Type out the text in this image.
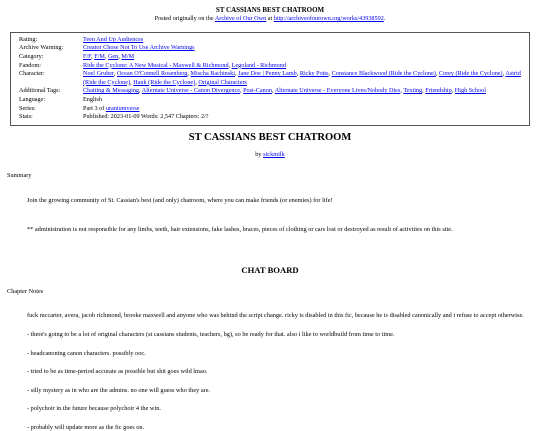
ST CASSIANS BEST CHATROOM
Posted originally on the Archive of Our Own at http://archiveofourown.org/works/43938592.
Rating:	Teen And Up Audiences
Archive Warning:	Creator Chose Not To Use Archive Warnings
Category:	F/F, F/M, Gen, M/M
Fandom:	Ride the Cyclone: A New Musical - Maxwell & Richmond, Legoland - Richmond
Character:	Noel Gruber, Ocean O'Connell Rosenberg, Mischa Bachinski, Jane Doe | Penny Lamb, Ricky Potts, Constance Blackwood (Ride the Cyclone), Corey (Ride the Cyclone), Astrid (Ride the Cyclone), Hank (Ride the Cyclone), Original Characters
Additional Tags:	Chatting & Messaging, Alternate Universe - Canon Divergence, Post-Canon, Alternate Universe - Everyone Lives/Nobody Dies, Texting, Friendship, High School
Language:	English
Series:	Part 3 of uraniumverse
Stats:	Published: 2023-01-09 Words: 2,547 Chapters: 2/?
ST CASSIANS BEST CHATROOM
by sickmilk
Summary
Join the growing community of St. Cassian's best (and only) chatroom, where you can make friends (or enemies) for life!
** administration is not responsible for any limbs, teeth, hair extensions, fake lashes, braces, pieces of clothing or cars lost or destroyed as result of activities on this site.
CHAT BOARD
Chapter Notes
fuck mccarter, avera, jacob richmond, brooke maxwell and anyone who was behind the script change. ricky is disabled in this fic, because he is disabled canonically and i refuse to accept otherwise.
- there's going to be a lot of original characters (st cassians students, teachers, bg), so be ready for that. also i like to worldbuild from time to time.
- headcanoning canon characters. possibly ooc.
- tried to be as time-period accurate as possible but shit goes wild lmao.
- silly mystery as in who are the admins. no one will guess who they are.
- polychoir in the future because polychoir 4 the win.
- probably will update more as the fic goes on.
